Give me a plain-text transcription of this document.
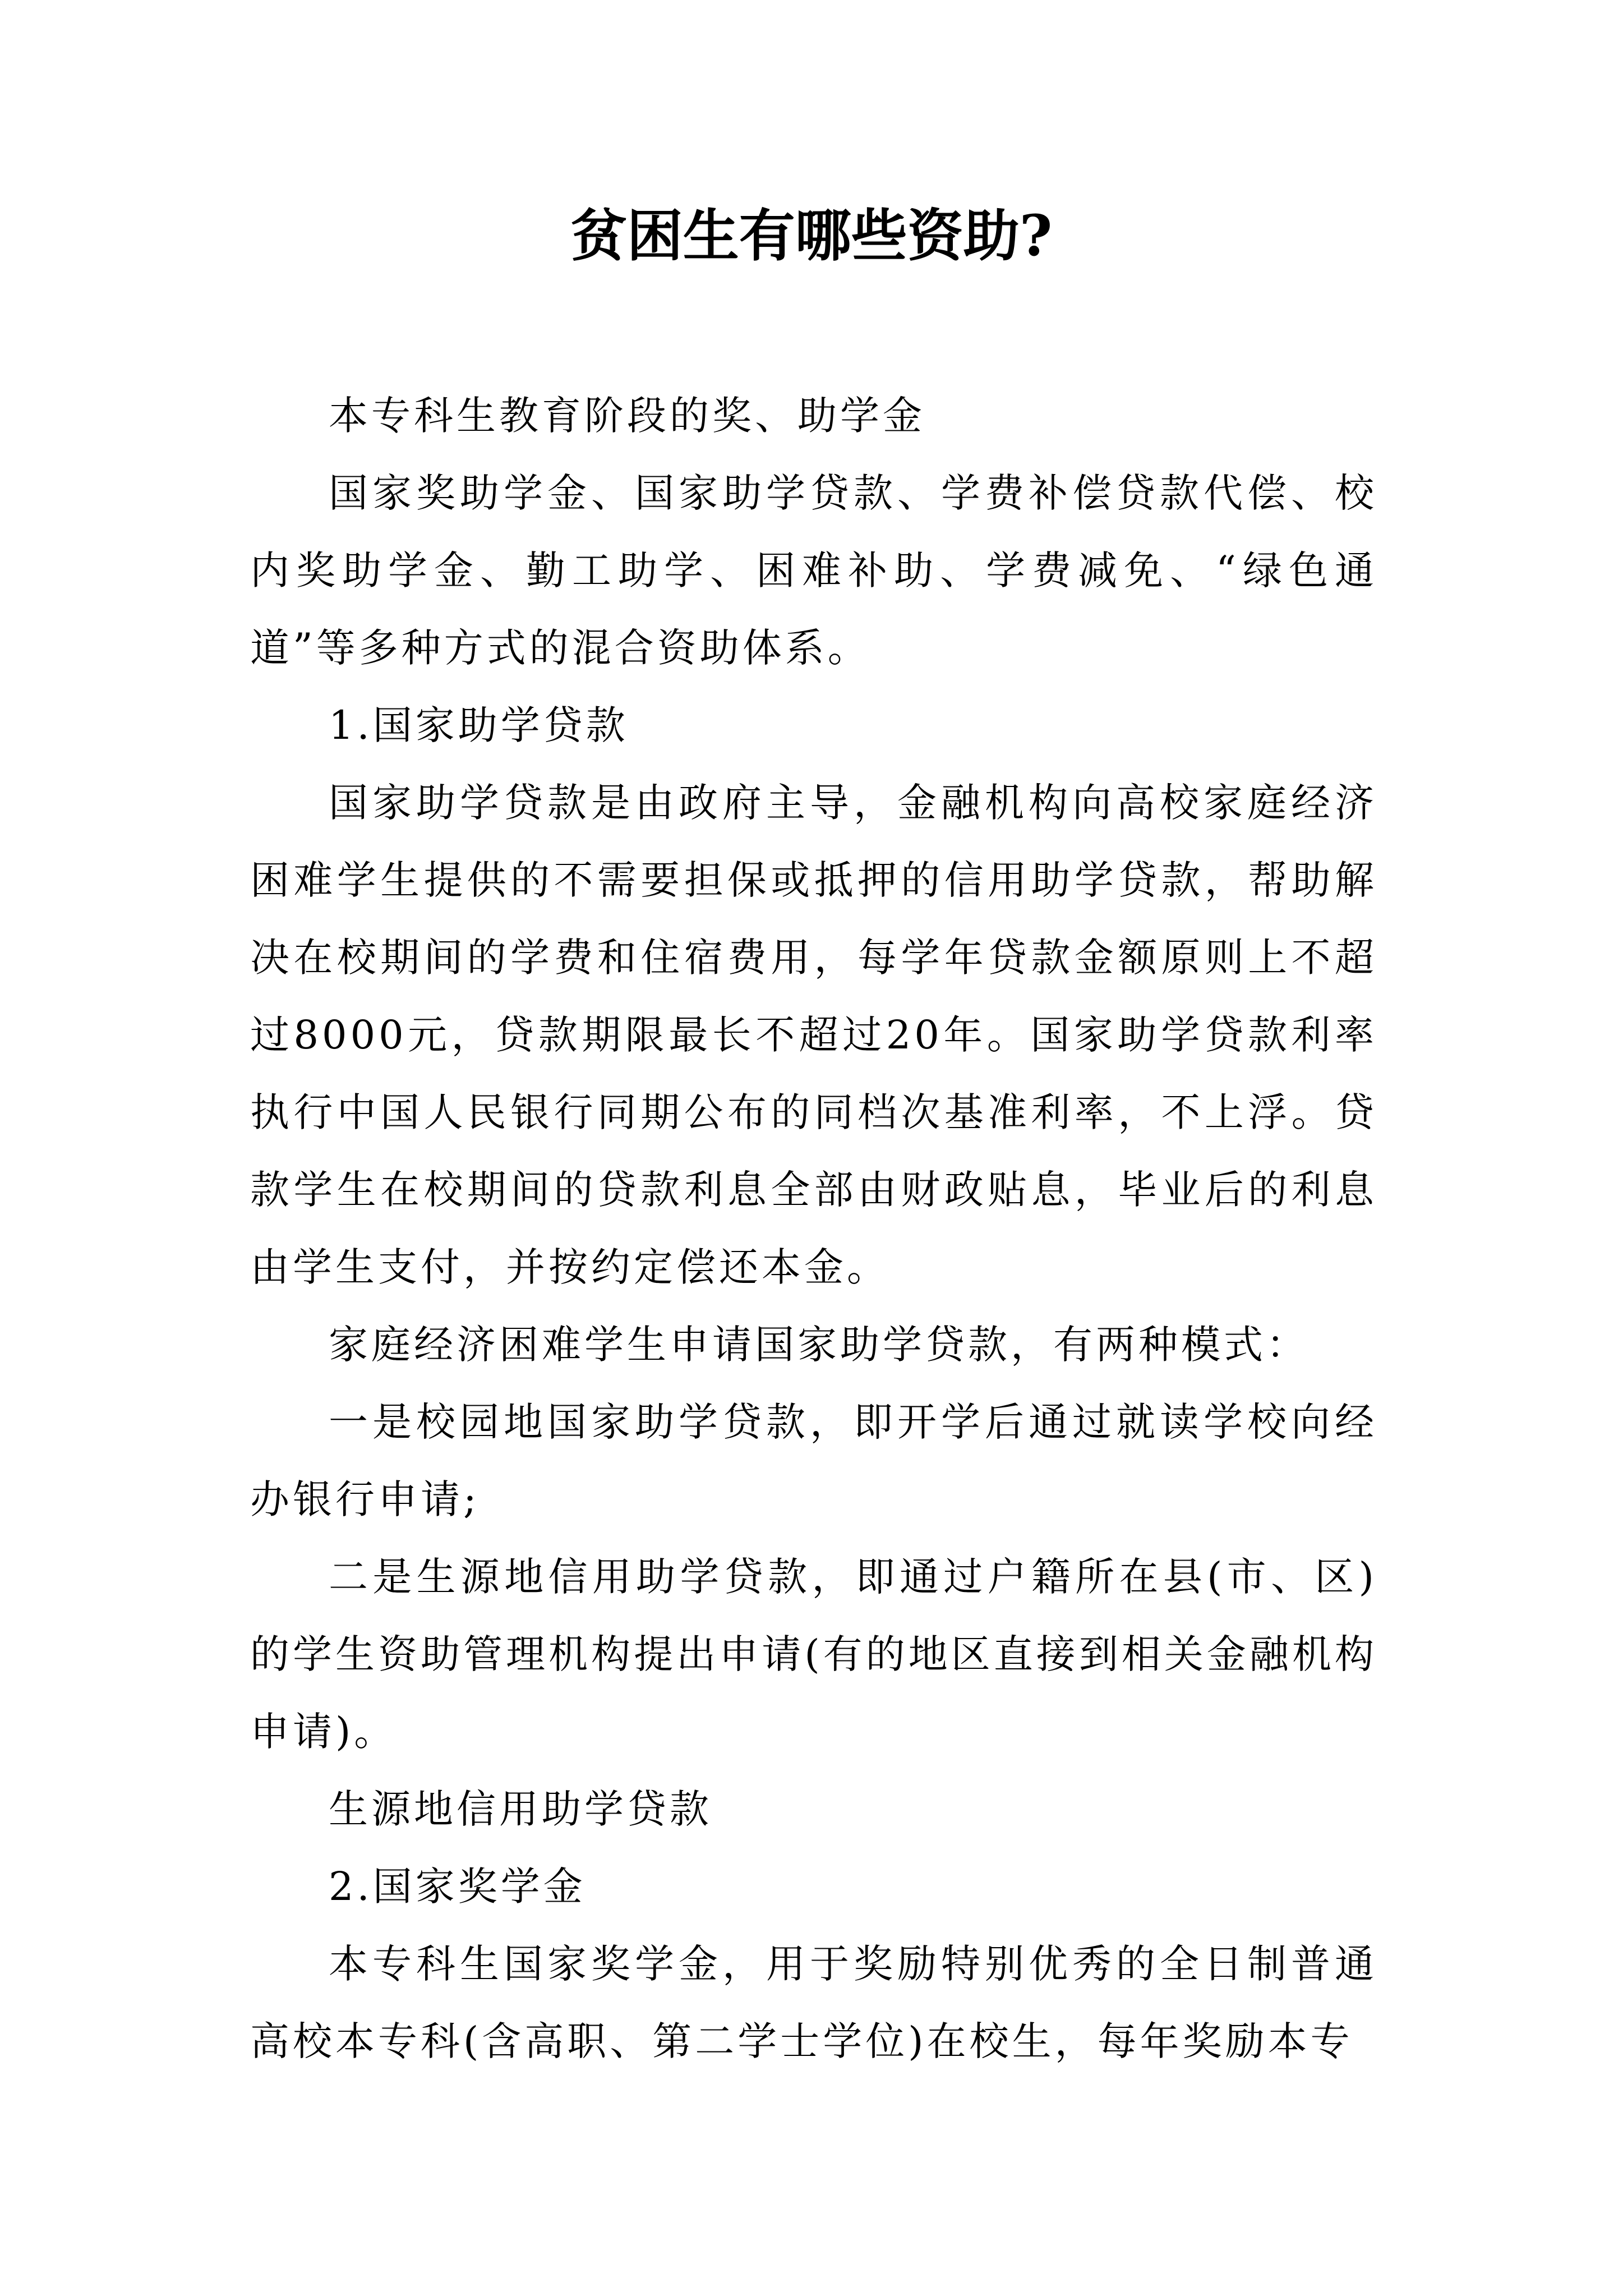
贫困生有哪些资助?

本专科生教育阶段的奖、助学金

国家奖助学金、国家助学贷款、学费补偿贷款代偿、校内奖助学金、勤工助学、困难补助、学费减免、“绿色通道”等多种方式的混合资助体系。

1.国家助学贷款

国家助学贷款是由政府主导，金融机构向高校家庭经济困难学生提供的不需要担保或抵押的信用助学贷款，帮助解决在校期间的学费和住宿费用，每学年贷款金额原则上不超过8000元，贷款期限最长不超过20年。国家助学贷款利率执行中国人民银行同期公布的同档次基准利率，不上浮。贷款学生在校期间的贷款利息全部由财政贴息，毕业后的利息由学生支付，并按约定偿还本金。

家庭经济困难学生申请国家助学贷款，有两种模式：

一是校园地国家助学贷款，即开学后通过就读学校向经办银行申请;

二是生源地信用助学贷款，即通过户籍所在县(市、区)的学生资助管理机构提出申请(有的地区直接到相关金融机构申请)。

生源地信用助学贷款

2.国家奖学金

本专科生国家奖学金，用于奖励特别优秀的全日制普通高校本专科(含高职、第二学士学位)在校生，每年奖励本专
